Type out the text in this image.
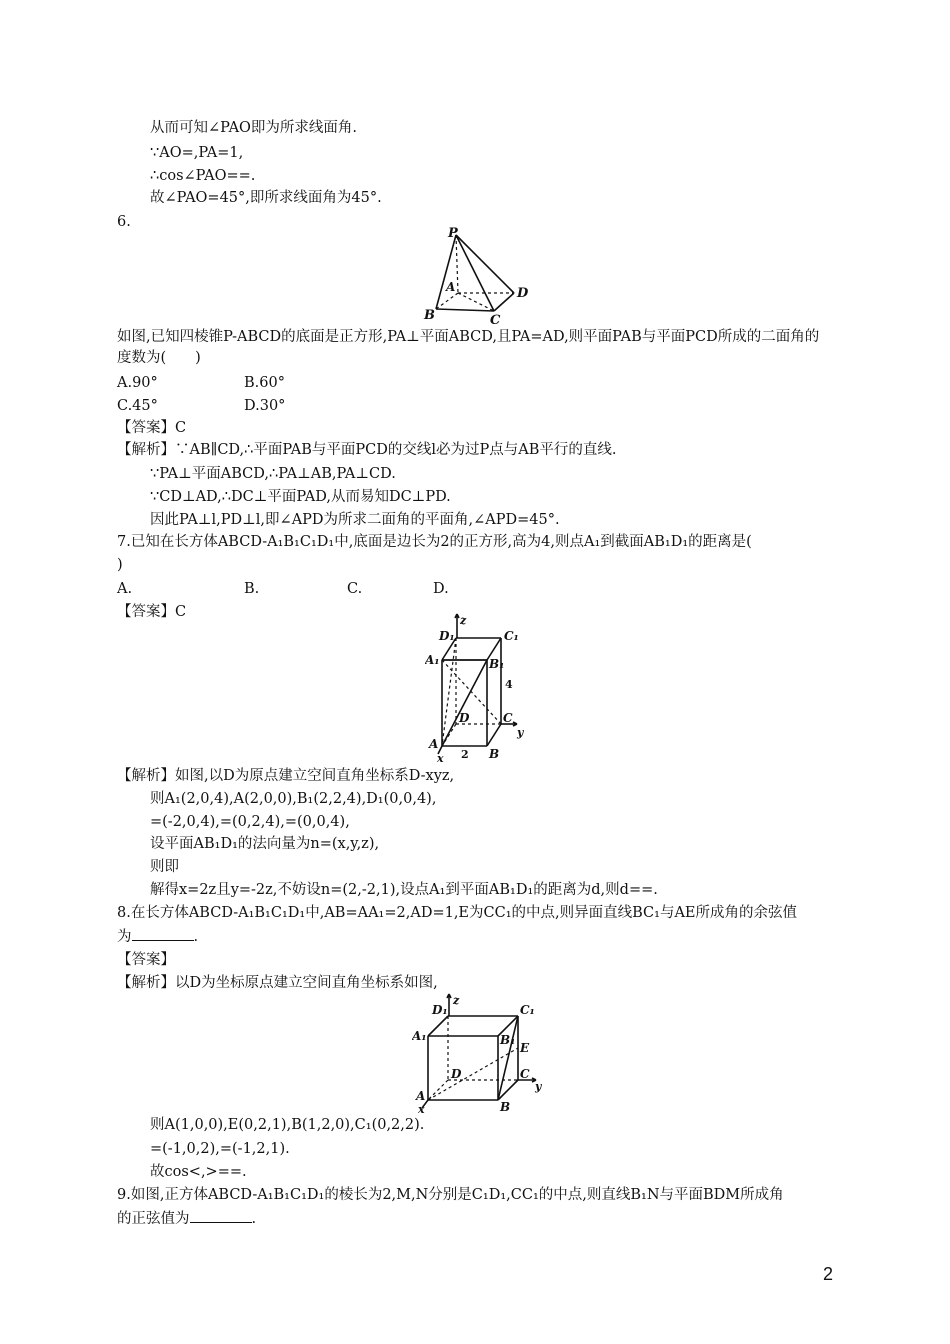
从而可知∠PAO即为所求线面角.
∵AO=,PA=1,
∴cos∠PAO==.
故∠PAO=45°,即所求线面角为45°.
6.
P
A
B	C
D
如图,已知四棱锥P-ABCD的底面是正方形,PA⊥平面ABCD,且PA=AD,则平面PAB与平面PCD所成的二面角的度数为(　　)
A.90°	B.60°
C.45°	D.30°
【答案】C
【解析】∵AB∥CD,∴平面PAB与平面PCD的交线l必为过P点与AB平行的直线.
∵PA⊥平面ABCD,∴PA⊥AB,PA⊥CD.
∵CD⊥AD,∴DC⊥平面PAD,从而易知DC⊥PD.
因此PA⊥l,PD⊥l,即∠APD为所求二面角的平面角,∠APD=45°.
7.已知在长方体ABCD-A₁B₁C₁D₁中,底面是边长为2的正方形,高为4,则点A₁到截面AB₁D₁的距离是(
)
A.	B.	C.	D.
【答案】C
z
D₁	C₁
A₁	B₁
4
D	C
y
A
B
x 2
【解析】如图,以D为原点建立空间直角坐标系D-xyz,
则A₁(2,0,4),A(2,0,0),B₁(2,2,4),D₁(0,0,4),
=(-2,0,4),=(0,2,4),=(0,0,4),
设平面AB₁D₁的法向量为n=(x,y,z),
则即
解得x=2z且y=-2z,不妨设n=(2,-2,1),设点A₁到平面AB₁D₁的距离为d,则d==.
8.在长方体ABCD-A₁B₁C₁D₁中,AB=AA₁=2,AD=1,E为CC₁的中点,则异面直线BC₁与AE所成角的余弦值
为	.
【答案】
【解析】以D为坐标原点建立空间直角坐标系如图,
z
D₁	C₁
A₁	B₁
E
D	C
y
A
B
x
则A(1,0,0),E(0,2,1),B(1,2,0),C₁(0,2,2).
=(-1,0,2),=(-1,2,1).
故cos<,>==.
9.如图,正方体ABCD-A₁B₁C₁D₁的棱长为2,M,N分别是C₁D₁,CC₁的中点,则直线B₁N与平面BDM所成角
的正弦值为	.
2
